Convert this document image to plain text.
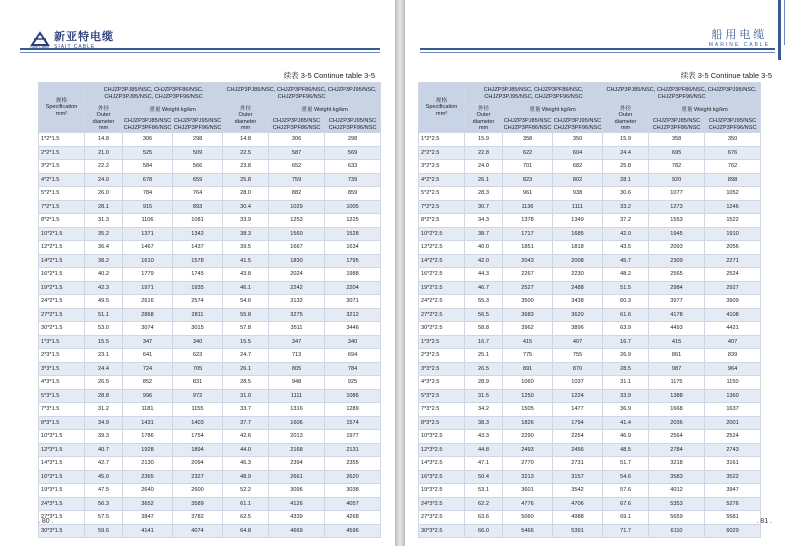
新亚特电缆
SIAIT CABLE
Siait Cable
续表 3-5 Continue table 3-5
规格
Specification
mm²	CHJZP3PJ85/NSC, CHJZP3PF86/NSC, CHJZP3PJ95/NSC, CHJZP3PF96/NSC			CHJZP3PJ85/NSC, CHJZP3PF86/NSC, CHJZP3PJ95/NSC, CHJZP3PF96/NSC		
	外径
Outer
diameter
mm	重量 Weight kg/km		外径
Outer
diameter
mm	重量 Weight kg/km	
		CHJZP3PJ85/NSC CHJZP3PF86/NSC	CHJZP3PJ95/NSC CHJZP3PF96/NSC		CHJZP3PJ85/NSC CHJZP3PF86/NSC	CHJZP3PJ95/NSC CHJZP3PF96/NSC
1*2*1.5	14.8	306	298	14.8	306	298
2*2*1.5	21.0	525	509	22.5	587	569
3*2*1.5	22.2	584	566	23.8	652	633
4*2*1.5	24.0	678	659	25.8	759	739
5*2*1.5	26.0	784	764	28.0	882	859
7*2*1.5	28.1	915	893	30.4	1029	1005
8*2*1.5	31.3	1106	1081	33.9	1253	1225
10*2*1.5	35.2	1371	1342	38.3	1560	1528
12*2*1.5	36.4	1467	1437	39.5	1667	1634
14*2*1.5	38.2	1610	1578	41.5	1830	1795
16*2*1.5	40.2	1779	1745	43.8	2024	1988
19*2*1.5	42.3	1971	1935	46.1	2242	2204
24*2*1.5	49.5	2616	2574	54.6	3132	3071
27*2*1.5	51.1	2868	2811	55.8	3275	3212
30*2*1.5	53.0	3074	3015	57.8	3511	3446
1*3*1.5	15.5	347	340	15.5	347	340
2*3*1.5	23.1	641	623	24.7	713	694
3*3*1.5	24.4	724	705	26.1	805	784
4*3*1.5	26.5	852	831	28.5	948	925
5*3*1.5	28.8	996	972	31.0	1111	1086
7*3*1.5	31.2	1181	1155	33.7	1316	1289
8*3*1.5	34.9	1431	1403	37.7	1606	1574
10*3*1.5	39.3	1786	1754	42.6	2013	1977
12*3*1.5	40.7	1928	1894	44.0	2168	2131
14*3*1.5	42.7	2130	2094	46.3	2394	2355
16*3*1.5	45.0	2365	2327	48.9	2661	2620
19*3*1.5	47.5	2640	2600	52.2	3096	3038
24*3*1.5	56.3	3652	3589	61.1	4126	4057
27*3*1.5	57.5	3847	3782	62.5	4339	4268
30*3*1.5	59.6	4141	4074	64.8	4669	4596
. 80 .
船用电缆
MARINE CABLE
续表 3-5 Continue table 3-5
规格
Specification
mm²	CHJZP3PJ85/NSC, CHJZP3PF86/NSC, CHJZP3PJ95/NSC, CHJZP3PF96/NSC			CHJZP3PJ85/NSC, CHJZP3PF86/NSC, CHJZP3PJ95/NSC, CHJZP3PF96/NSC		
	外径
Outer
diameter
mm	重量 Weight kg/km		外径
Outer
diameter
mm	重量 Weight kg/km	
		CHJZP3PJ85/NSC CHJZP3PF86/NSC	CHJZP3PJ95/NSC CHJZP3PF96/NSC		CHJZP3PJ85/NSC CHJZP3PF86/NSC	CHJZP3PJ95/NSC CHJZP3PF96/NSC
1*2*2.5	15.9	358	350	15.9	358	350
2*2*2.5	22.8	622	604	24.4	695	676
3*2*2.5	24.0	701	682	25.8	782	762
4*2*2.5	26.1	823	802	28.1	920	898
5*2*2.5	28.3	961	938	30.6	1077	1052
7*2*2.5	30.7	1136	1111	33.2	1273	1246
8*2*2.5	34.3	1378	1349	37.2	1553	1522
10*2*2.5	38.7	1717	1685	42.0	1945	1910
12*2*2.5	40.0	1851	1818	43.5	2093	2056
14*2*2.5	42.0	2043	2008	45.7	2309	2271
16*2*2.5	44.3	2267	2230	48.2	2565	2524
19*2*2.5	46.7	2527	2488	51.5	2984	2927
24*2*2.5	55.3	3500	3438	60.3	3977	3909
27*2*2.5	56.5	3683	3620	61.6	4178	4108
30*2*2.5	58.8	3962	3896	63.9	4493	4421
1*3*2.5	16.7	415	407	16.7	415	407
2*3*2.5	25.1	775	755	26.9	861	839
3*3*2.5	26.5	891	870	28.5	987	964
4*3*2.5	28.9	1060	1037	31.1	1175	1150
5*3*2.5	31.5	1250	1224	33.9	1388	1360
7*3*2.5	34.2	1505	1477	36.9	1668	1637
8*3*2.5	38.3	1826	1794	41.4	2036	2001
10*3*2.5	43.3	2290	2254	46.9	2564	2524
12*3*2.5	44.8	2493	2456	48.5	2784	2743
14*3*2.5	47.1	2770	2731	51.7	3218	3161
16*3*2.5	50.4	3213	3157	54.6	3583	3522
19*3*2.5	53.1	3601	3542	57.6	4012	3947
24*3*2.5	62.2	4776	4706	67.6	5353	5276
27*3*2.5	63.6	5060	4988	69.1	5659	5581
30*3*2.5	66.0	5466	5391	71.7	6110	6029
. 81 .
